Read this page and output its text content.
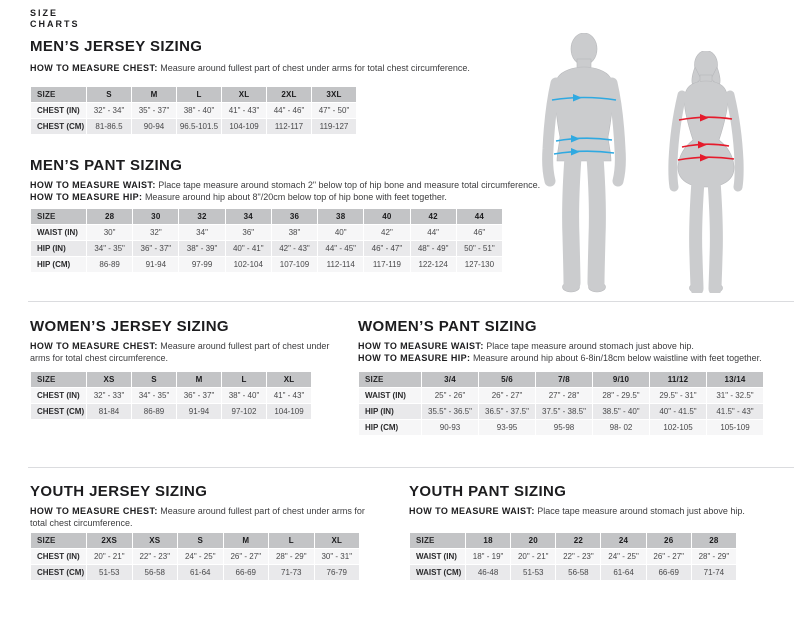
SIZE
CHARTS
MEN’S JERSEY SIZING
HOW TO MEASURE CHEST: Measure around fullest part of chest under arms for total chest circumference.
SIZE	S	M	L	XL	2XL	3XL
CHEST (IN)	32" - 34"	35" - 37"	38" - 40"	41" - 43"	44" - 46"	47" - 50"
CHEST (CM)	81-86.5	90-94	96.5-101.5	104-109	112-117	119-127
MEN’S PANT SIZING
HOW TO MEASURE WAIST: Place tape measure around stomach 2" below top of hip bone and measure total circumference.
HOW TO MEASURE HIP: Measure around hip about 8"/20cm below top of hip bone with feet together.
SIZE	28	30	32	34	36	38	40	42	44
WAIST (IN)	30"	32"	34"	36"	38"	40"	42"	44"	46"
HIP (IN)	34" - 35"	36" - 37"	38" - 39"	40" - 41"	42" - 43"	44" - 45"	46" - 47"	48" - 49"	50" - 51"
HIP (CM)	86-89	91-94	97-99	102-104	107-109	112-114	117-119	122-124	127-130
WOMEN’S JERSEY SIZING
HOW TO MEASURE CHEST: Measure around fullest part of chest under arms for total chest circumference.
SIZE	XS	S	M	L	XL
CHEST (IN)	32" - 33"	34" - 35"	36" - 37"	38" - 40"	41" - 43"
CHEST (CM)	81-84	86-89	91-94	97-102	104-109
WOMEN’S PANT SIZING
HOW TO MEASURE WAIST: Place tape measure around stomach just above hip.
HOW TO MEASURE HIP: Measure around hip about 6-8in/18cm below waistline with feet together.
SIZE	3/4	5/6	7/8	9/10	11/12	13/14
WAIST (IN)	25" - 26"	26" - 27"	27" - 28"	28" - 29.5"	29.5" - 31"	31" - 32.5"
HIP (IN)	35.5" - 36.5"	36.5" - 37.5"	37.5" - 38.5"	38.5" - 40"	40" - 41.5"	41.5" - 43"
HIP (CM)	90-93	93-95	95-98	98- 02	102-105	105-109
YOUTH JERSEY SIZING
HOW TO MEASURE CHEST: Measure around fullest part of chest under arms for total chest circumference.
SIZE	2XS	XS	S	M	L	XL
CHEST (IN)	20" - 21"	22" - 23"	24" - 25"	26" - 27"	28" - 29"	30" - 31"
CHEST (CM)	51-53	56-58	61-64	66-69	71-73	76-79
YOUTH PANT SIZING
HOW TO MEASURE WAIST: Place tape measure around stomach just above hip.
SIZE	18	20	22	24	26	28
WAIST (IN)	18" - 19"	20" - 21"	22" - 23"	24" - 25"	26" - 27"	28" - 29"
WAIST (CM)	46-48	51-53	56-58	61-64	66-69	71-74
